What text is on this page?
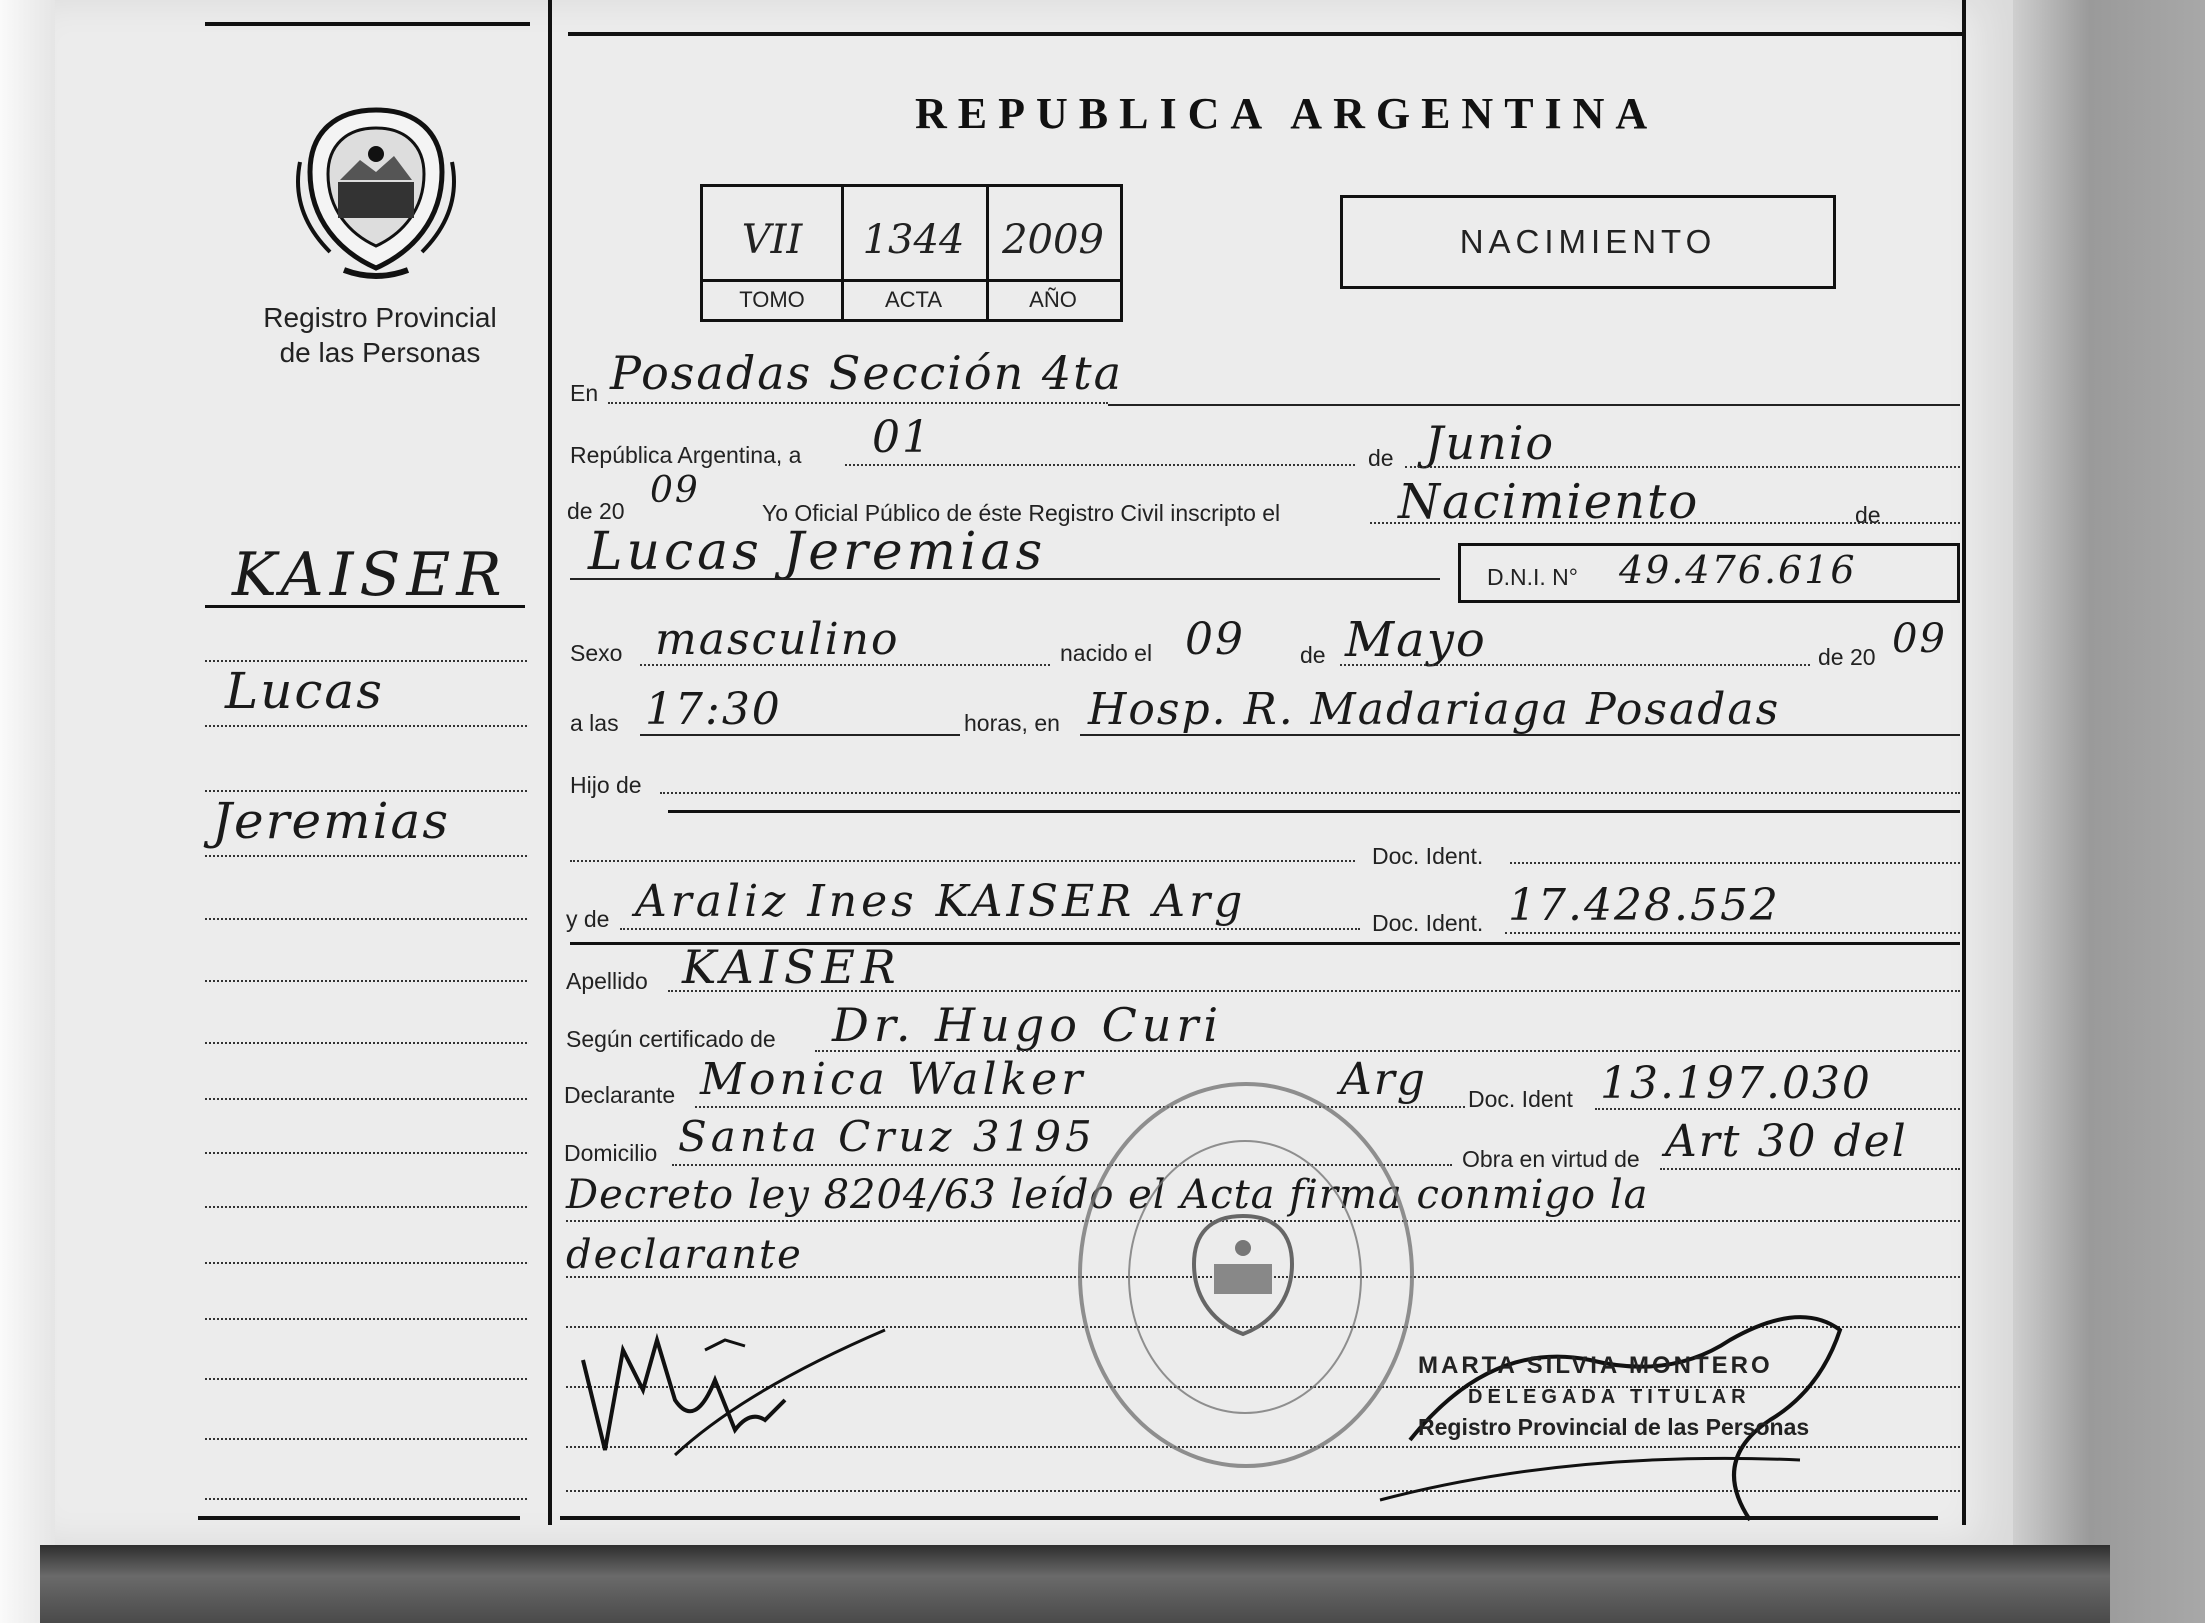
Registro Provincial
de las Personas
KAISER
Lucas
Jeremias
REPUBLICA ARGENTINA
VII	1344 2009
TOMO	ACTA	AÑO
NACIMIENTO
En Posadas Sección 4ta
República Argentina, a 01	de Junio
de 20 09
Yo Oficial Público de éste Registro Civil inscripto el Nacimiento	de
Lucas Jeremias	D.N.I. N° 49.476.616
Sexo masculino	nacido el 09 de Mayo	de 20 09
a las 17:30	horas, en Hosp. R. Madariaga Posadas
Hijo de
Doc. Ident.
y de Araliz Ines KAISER Arg	Doc. Ident. 17.428.552
Apellido KAISER
Según certificado de Dr. Hugo Curi
Declarante Monica Walker	Arg Doc. Ident 13.197.030
Domicilio Santa Cruz 3195	Obra en virtud de Art 30 del
Decreto ley 8204/63 leído el Acta firma conmigo la
declarante
MARTA SILVIA MONTERO
DELEGADA TITULAR
Registro Provincial de las Personas
